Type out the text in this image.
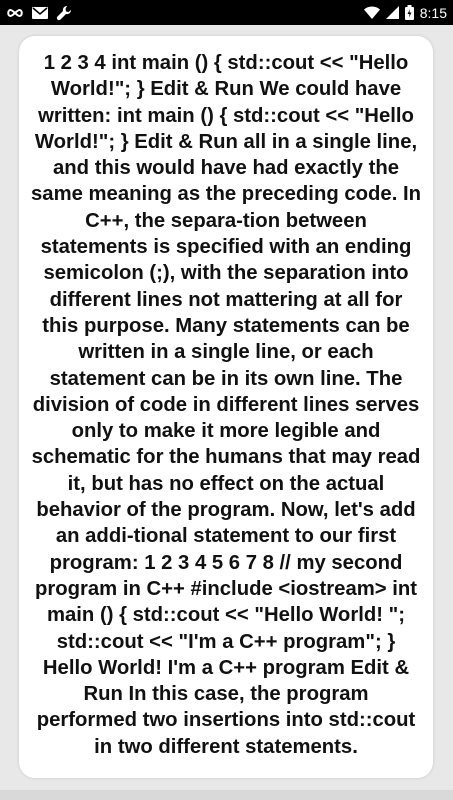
8:15

1 2 3 4 int main () { std::cout << "Hello World!"; } Edit & Run We could have written: int main () { std::cout << "Hello World!"; } Edit & Run all in a single line, and this would have had exactly the same meaning as the preceding code. In C++, the separa-tion between statements is specified with an ending semicolon (;), with the separation into different lines not mattering at all for this purpose. Many statements can be written in a single line, or each statement can be in its own line. The division of code in different lines serves only to make it more legible and schematic for the humans that may read it, but has no effect on the actual behavior of the program. Now, let's add an addi-tional statement to our first program: 1 2 3 4 5 6 7 8 // my second program in C++ #include <iostream> int main () { std::cout << "Hello World! "; std::cout << "I'm a C++ program"; } Hello World! I'm a C++ program Edit & Run In this case, the program performed two insertions into std::cout in two different statements.
